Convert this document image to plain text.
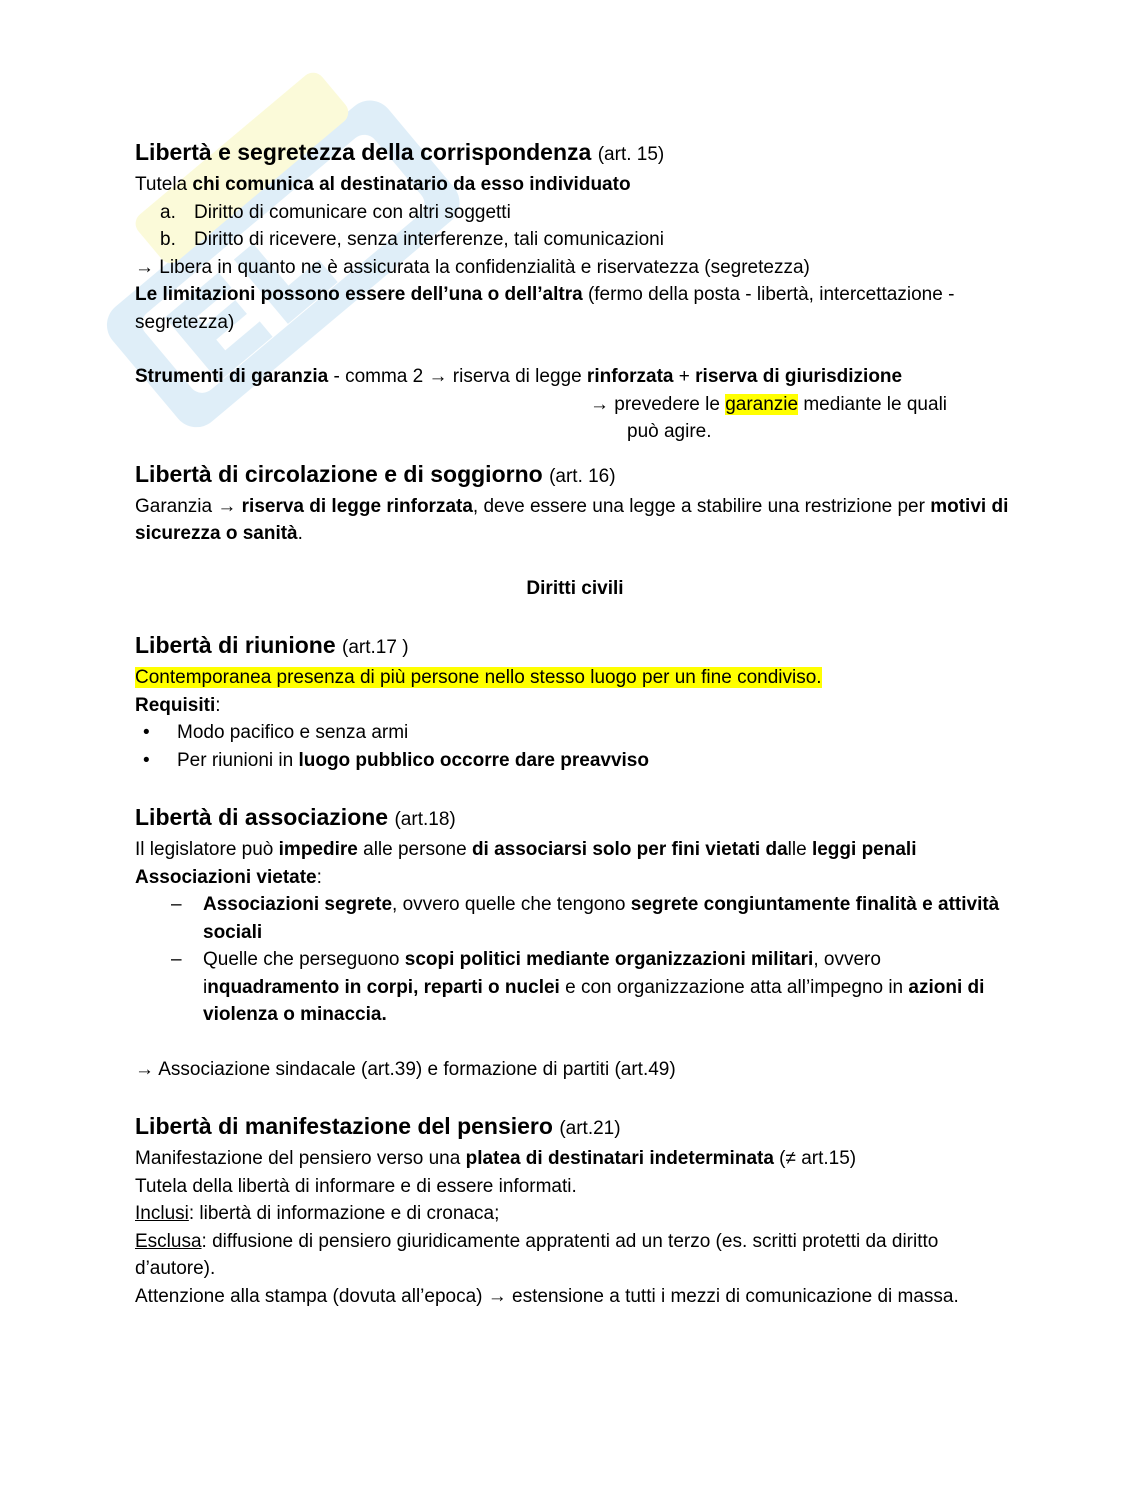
Libertà e segretezza della corrispondenza (art. 15)
Tutela chi comunica al destinatario da esso individuato
a. Diritto di comunicare con altri soggetti
b. Diritto di ricevere, senza interferenze, tali comunicazioni
→ Libera in quanto ne è assicurata la confidenzialità e riservatezza (segretezza)
Le limitazioni possono essere dell’una o dell’altra (fermo della posta - libertà, intercettazione - segretezza)
Strumenti di garanzia - comma 2 → riserva di legge rinforzata + riserva di giurisdizione
→ prevedere le garanzie mediante le quali
può agire.
Libertà di circolazione e di soggiorno (art. 16)
Garanzia → riserva di legge rinforzata, deve essere una legge a stabilire una restrizione per motivi di sicurezza o sanità.
Diritti civili
Libertà di riunione (art.17 )
Contemporanea presenza di più persone nello stesso luogo per un fine condiviso.
Requisiti:
•	Modo pacifico e senza armi
•	Per riunioni in luogo pubblico occorre dare preavviso
Libertà di associazione (art.18)
Il legislatore può impedire alle persone di associarsi solo per fini vietati dalle leggi penali
Associazioni vietate:
–	Associazioni segrete, ovvero quelle che tengono segrete congiuntamente finalità e attività sociali
–	Quelle che perseguono scopi politici mediante organizzazioni militari, ovvero inquadramento in corpi, reparti o nuclei e con organizzazione atta all’impegno in azioni di violenza o minaccia.
→ Associazione sindacale (art.39) e formazione di partiti (art.49)
Libertà di manifestazione del pensiero (art.21)
Manifestazione del pensiero verso una platea di destinatari indeterminata (≠ art.15)
Tutela della libertà di informare e di essere informati.
Inclusi: libertà di informazione e di cronaca;
Esclusa: diffusione di pensiero giuridicamente appratenti ad un terzo (es. scritti protetti da diritto d’autore).
Attenzione alla stampa (dovuta all’epoca) → estensione a tutti i mezzi di comunicazione di massa.
